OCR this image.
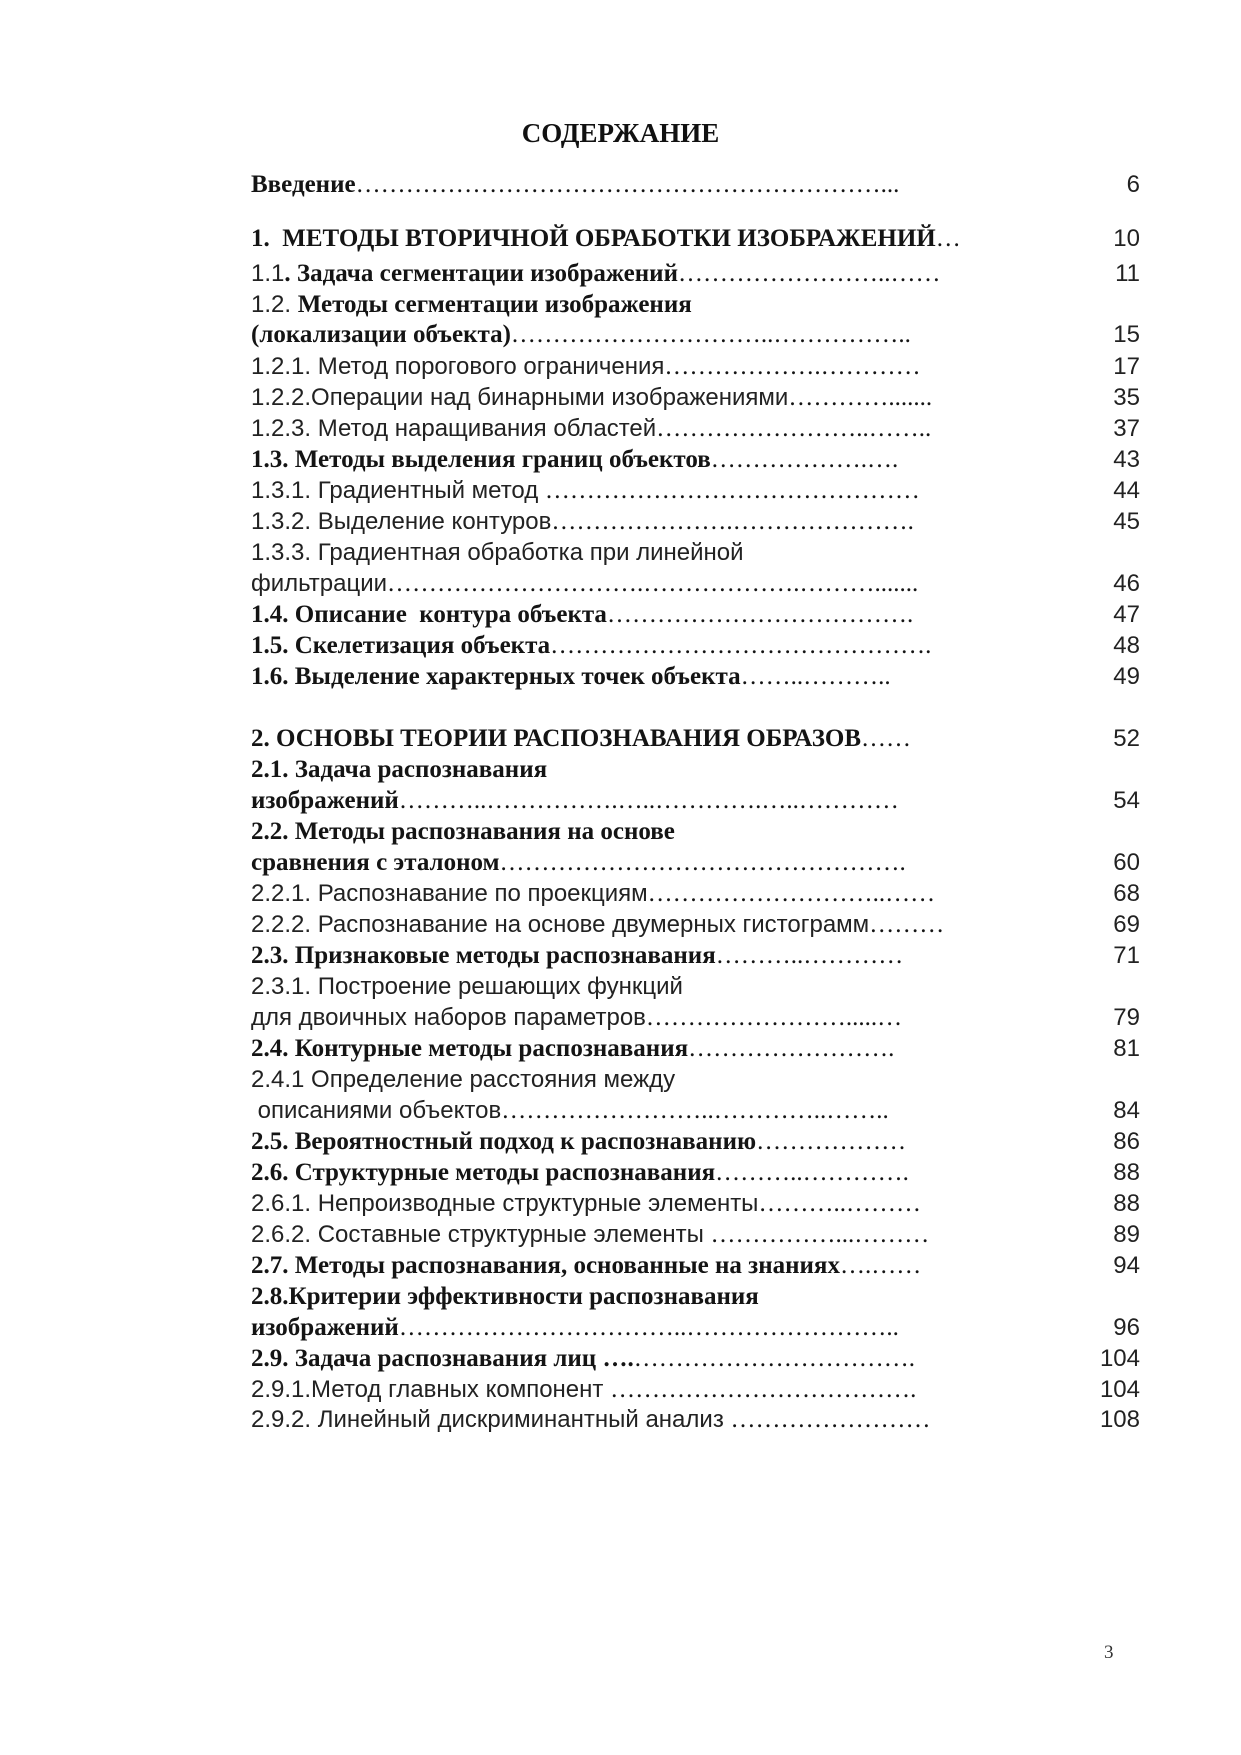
СОДЕРЖАНИЕ
Введение………………………………………………………...	6
1.  МЕТОДЫ ВТОРИЧНОЙ ОБРАБОТКИ ИЗОБРАЖЕНИЙ…	10
1.1. Задача сегментации изображений……………………..……	11
1.2. Методы сегментации изображения
(локализации объекта)…………………………..……………..	15
1.2.1. Метод порогового ограничения……………….…………	17
1.2.2.Операции над бинарными изображениями………….......	35
1.2.3. Метод наращивания областей……………………..……..	37
1.3. Методы выделения границ объектов……………….….	43
1.3.1. Градиентный метод ………………………………………	44
1.3.2. Выделение контуров………………….………………….	45
1.3.3. Градиентная обработка при линейной
фильтрации………………………….……………….……….......	46
1.4. Описание  контура объекта……………………………….	47
1.5. Скелетизация объекта……………………………………….	48
1.6. Выделение характерных точек объекта……..………..	49
2. ОСНОВЫ ТЕОРИИ РАСПОЗНАВАНИЯ ОБРАЗОВ……	52
2.1. Задача распознавания
изображений………..…………….…..………….…..…………	54
2.2. Методы распознавания на основе
сравнения с эталоном………………………………………….	60
2.2.1. Распознавание по проекциям………………………..……	68
2.2.2. Распознавание на основе двумерных гистограмм………	69
2.3. Признаковые методы распознавания………..…………	71
2.3.1. Построение решающих функций
для двоичных наборов параметров…………………….....…	79
2.4. Контурные методы распознавания…………………….	81
2.4.1 Определение расстояния между
описаниями объектов……………………..…………..……..	84
2.5. Вероятностный подход к распознаванию………………	86
2.6. Структурные методы распознавания………..………….	88
2.6.1. Непроизводные структурные элементы………..………	88
2.6.2. Составные структурные элементы ……………...………	89
2.7. Методы распознавания, основанные на знаниях….……	94
2.8.Критерии эффективности распознавания
изображений……………………………..……………………..	96
2.9. Задача распознавания лиц ….…………………………….	104
2.9.1.Метод главных компонент ……………………………….	104
2.9.2. Линейный дискриминантный анализ ……………………	108
3
